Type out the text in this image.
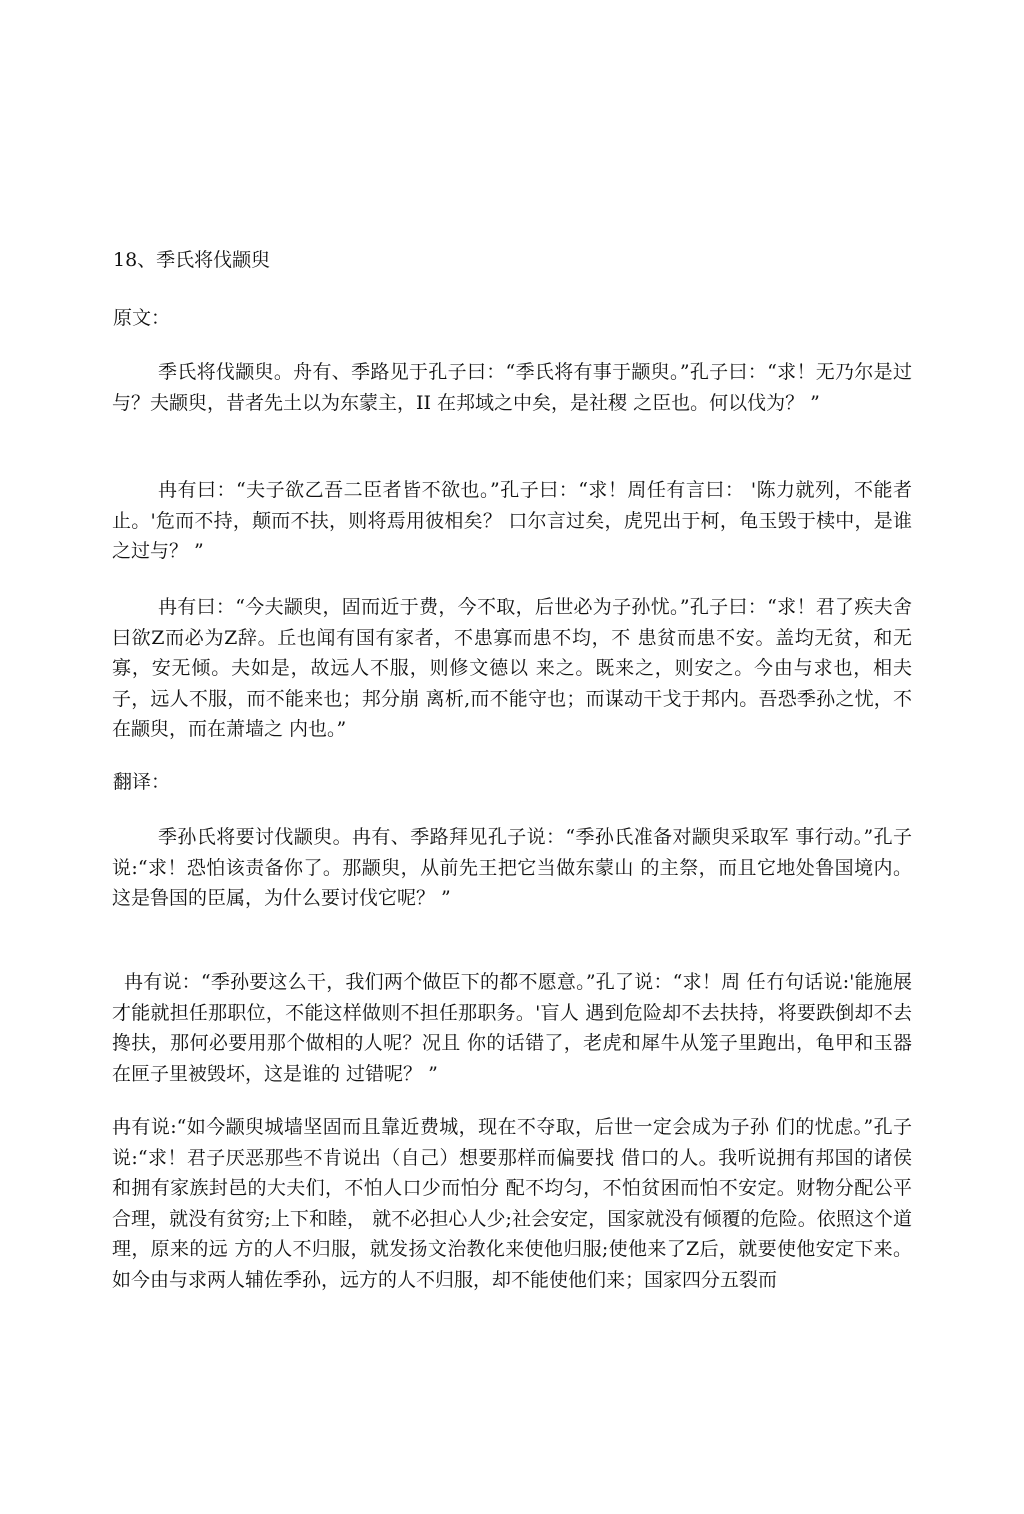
18、季氏将伐颛臾
原文：

季氏将伐颛臾。舟有、季路见于孔子曰：“季氏将有事于颛臾。”孔子曰：“求！无乃尔是过与？夫颛臾，昔者先土以为东蒙主，II 在邦域之中矣，是社稷 之臣也。何以伐为？ ”

冉有曰：“夫子欲乙吾二臣者皆不欲也。”孔子曰：“求！周任有言曰： '陈力就列，不能者止。'危而不持，颠而不扶，则将焉用彼相矣？ 口尔言过矣，虎兕出于柯，龟玉毁于椟中，是谁之过与？ ”

冉有曰：“今夫颛臾，固而近于费，今不取，后世必为子孙忧。”孔子曰：“求！君了疾夫舍曰欲Z而必为Z辞。丘也闻有国有家者，不患寡而患不均，不 患贫而患不安。盖均无贫，和无寡，安无倾。夫如是，故远人不服，则修文德以 来之。既来之，则安之。今由与求也，相夫子，远人不服，而不能来也；邦分崩 离析,而不能守也；而谋动干戈于邦内。吾恐季孙之忧，不在颛臾，而在萧墙之 内也。”

翻译：

季孙氏将要讨伐颛臾。冉有、季路拜见孔子说：“季孙氏准备对颛臾采取军 事行动。”孔子说:“求！恐怕该责备你了。那颛臾，从前先王把它当做东蒙山 的主祭，而且它地处鲁国境内。这是鲁国的臣属，为什么要讨伐它呢？ ”

冉有说：“季孙要这么干，我们两个做臣下的都不愿意。”孔了说：“求！周 任冇句话说:'能施展才能就担任那职位，不能这样做则不担任那职务。'盲人 遇到危险却不去扶持，将要跌倒却不去搀扶，那何必要用那个做相的人呢？况且 你的话错了，老虎和犀牛从笼子里跑出，龟甲和玉器在匣子里被毁坏，这是谁的 过错呢？ ”

冉有说:“如今颛臾城墙坚固而且靠近费城，现在不夺取，后世一定会成为子孙 们的忧虑。”孔子说:“求！君子厌恶那些不肯说出（自己）想要那样而偏要找 借口的人。我听说拥有邦国的诸侯和拥有家族封邑的大夫们，不怕人口少而怕分 配不均匀，不怕贫困而怕不安定。财物分配公平合理，就没有贫穷;上下和睦， 就不必担心人少;社会安定，国家就没有倾覆的危险。依照这个道理，原来的远 方的人不归服，就发扬文治教化来使他归服;使他来了Z后，就要使他安定下来。 如今由与求两人辅佐季孙，远方的人不归服，却不能使他们来；国家四分五裂而
